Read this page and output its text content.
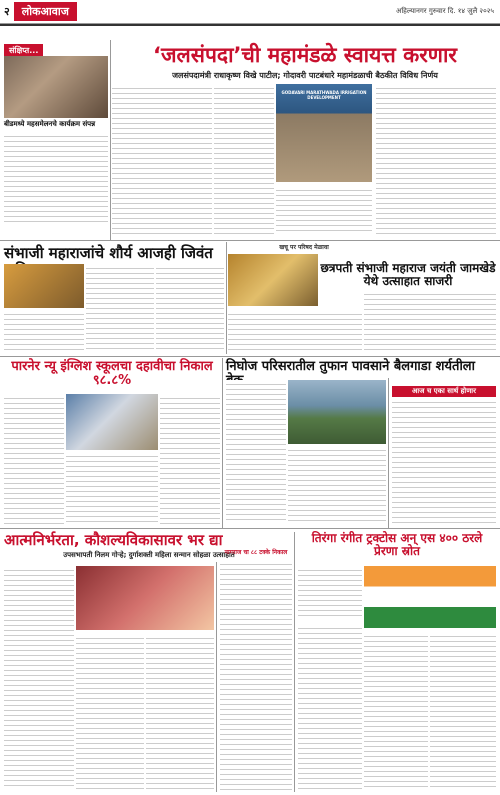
२	लोकआवाज	अहिल्यानगर गुरुवार दि. १४ जुलै २०२५
संक्षिप्त...
बीडमध्ये महसमेलनचे कार्यक्रम संपन्न
‘जलसंपदा’ची महामंडळे स्वायत्त करणार
जलसंपदामंत्री राधाकृष्ण विखे पाटील; गोदावरी पाटबंधारे महामंडळाची बैठकीत विविध निर्णय
GODAVARI MARATHWADA IRRIGATION DEVELOPMENT
संभाजी महाराजांचे शौर्य आजही जिवंत	खचू पर परिषद मेळावा
छत्रपती संभाजी महाराज जयंती जामखेडे येथे उत्साहात साजरी
पारनेर न्यू इंग्लिश स्कूलचा दहावीचा निकाल ९८.८%
निघोज परिसरातील तुफान पावसाने बैलगाडा शर्यतीला
आज च एका सार्थ होणार
आत्मनिर्भरता, कौशल्यविकासावर भर द्या
उपसभापती निलम गोऱ्हे; दुर्गाशक्ती महिला सन्मान सोहळा उत्साहात
नागराज चा ८८ टक्के निकाल
तिरंगा रंगीत ट्रक्टोस अन् एस ४०० ठरले प्रेरणा स्रोत
